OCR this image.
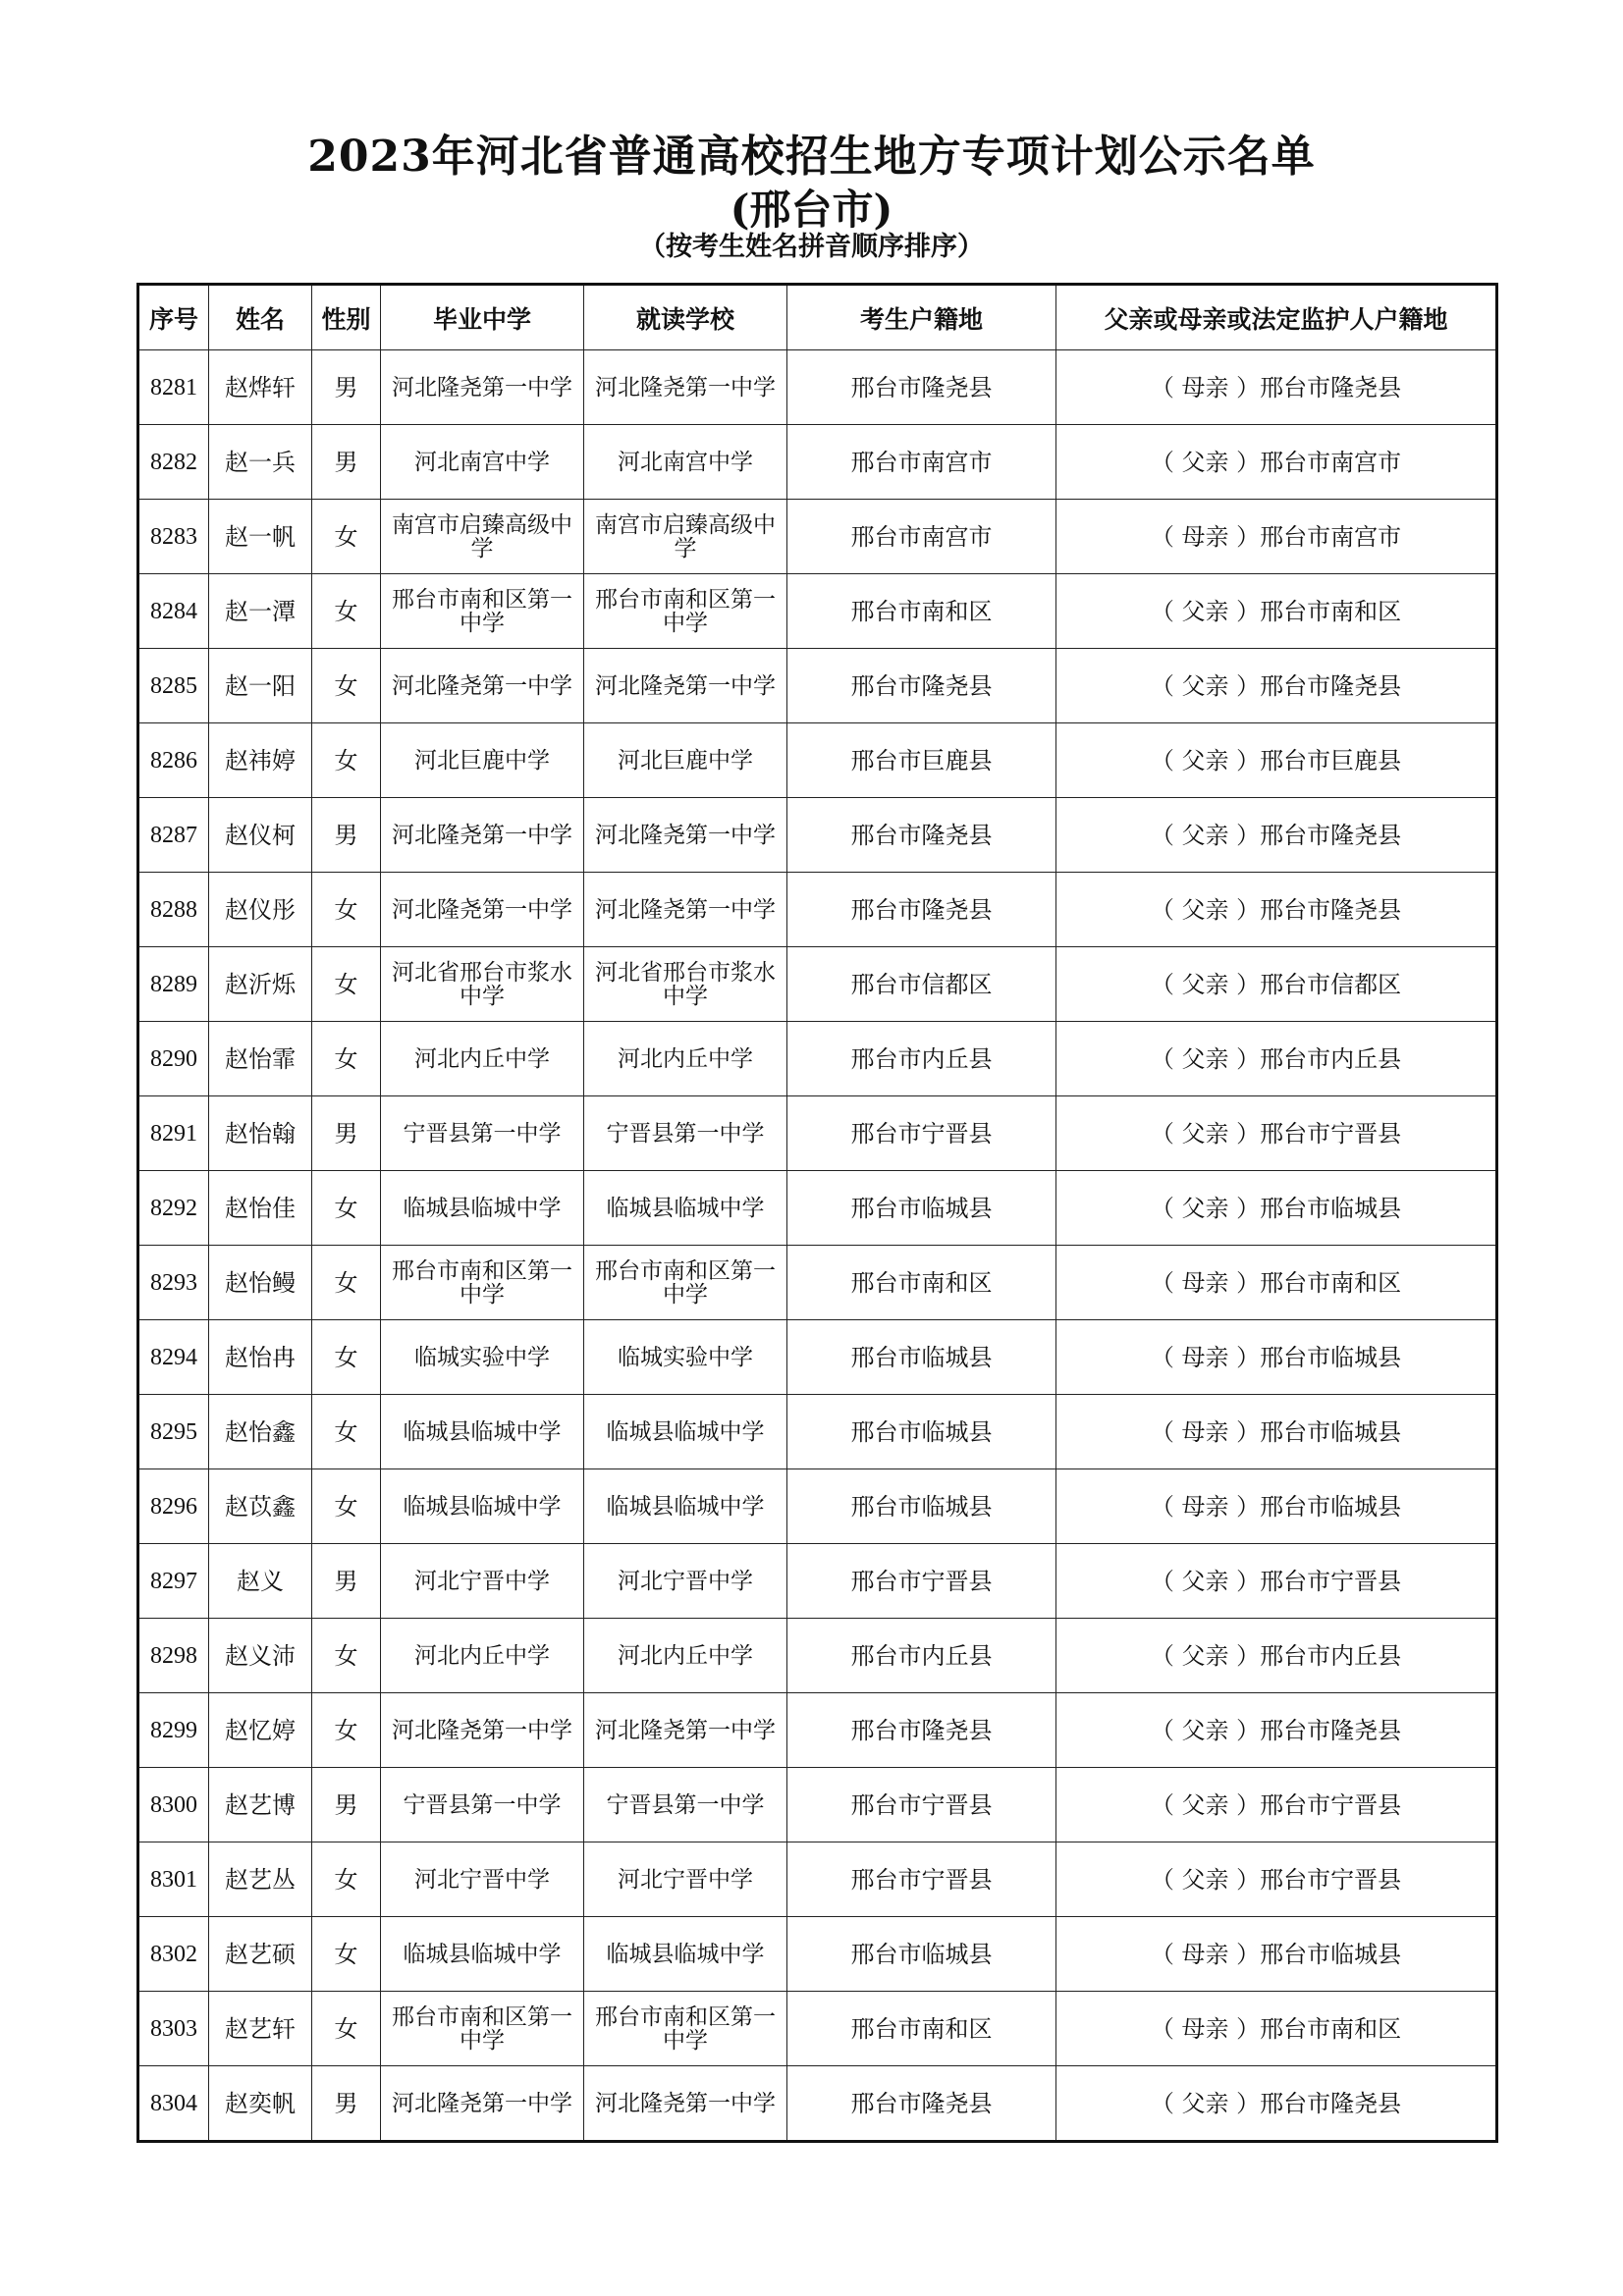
2023年河北省普通高校招生地方专项计划公示名单
(邢台市)
（按考生姓名拼音顺序排序）
序号	姓名	性别	毕业中学	就读学校	考生户籍地	父亲或母亲或法定监护人户籍地
8281	赵烨轩	男	河北隆尧第一中学	河北隆尧第一中学	邢台市隆尧县	（ 母亲 ）邢台市隆尧县
8282	赵一兵	男	河北南宫中学	河北南宫中学	邢台市南宫市	（ 父亲 ）邢台市南宫市
8283	赵一帆	女	南宫市启臻高级中学	南宫市启臻高级中学	邢台市南宫市	（ 母亲 ）邢台市南宫市
8284	赵一潭	女	邢台市南和区第一中学	邢台市南和区第一中学	邢台市南和区	（ 父亲 ）邢台市南和区
8285	赵一阳	女	河北隆尧第一中学	河北隆尧第一中学	邢台市隆尧县	（ 父亲 ）邢台市隆尧县
8286	赵祎婷	女	河北巨鹿中学	河北巨鹿中学	邢台市巨鹿县	（ 父亲 ）邢台市巨鹿县
8287	赵仪柯	男	河北隆尧第一中学	河北隆尧第一中学	邢台市隆尧县	（ 父亲 ）邢台市隆尧县
8288	赵仪彤	女	河北隆尧第一中学	河北隆尧第一中学	邢台市隆尧县	（ 父亲 ）邢台市隆尧县
8289	赵沂烁	女	河北省邢台市浆水中学	河北省邢台市浆水中学	邢台市信都区	（ 父亲 ）邢台市信都区
8290	赵怡霏	女	河北内丘中学	河北内丘中学	邢台市内丘县	（ 父亲 ）邢台市内丘县
8291	赵怡翰	男	宁晋县第一中学	宁晋县第一中学	邢台市宁晋县	（ 父亲 ）邢台市宁晋县
8292	赵怡佳	女	临城县临城中学	临城县临城中学	邢台市临城县	（ 父亲 ）邢台市临城县
8293	赵怡鳗	女	邢台市南和区第一中学	邢台市南和区第一中学	邢台市南和区	（ 母亲 ）邢台市南和区
8294	赵怡冉	女	临城实验中学	临城实验中学	邢台市临城县	（ 母亲 ）邢台市临城县
8295	赵怡鑫	女	临城县临城中学	临城县临城中学	邢台市临城县	（ 母亲 ）邢台市临城县
8296	赵苡鑫	女	临城县临城中学	临城县临城中学	邢台市临城县	（ 母亲 ）邢台市临城县
8297	赵义	男	河北宁晋中学	河北宁晋中学	邢台市宁晋县	（ 父亲 ）邢台市宁晋县
8298	赵义沛	女	河北内丘中学	河北内丘中学	邢台市内丘县	（ 父亲 ）邢台市内丘县
8299	赵忆婷	女	河北隆尧第一中学	河北隆尧第一中学	邢台市隆尧县	（ 父亲 ）邢台市隆尧县
8300	赵艺博	男	宁晋县第一中学	宁晋县第一中学	邢台市宁晋县	（ 父亲 ）邢台市宁晋县
8301	赵艺丛	女	河北宁晋中学	河北宁晋中学	邢台市宁晋县	（ 父亲 ）邢台市宁晋县
8302	赵艺硕	女	临城县临城中学	临城县临城中学	邢台市临城县	（ 母亲 ）邢台市临城县
8303	赵艺轩	女	邢台市南和区第一中学	邢台市南和区第一中学	邢台市南和区	（ 母亲 ）邢台市南和区
8304	赵奕帆	男	河北隆尧第一中学	河北隆尧第一中学	邢台市隆尧县	（ 父亲 ）邢台市隆尧县
